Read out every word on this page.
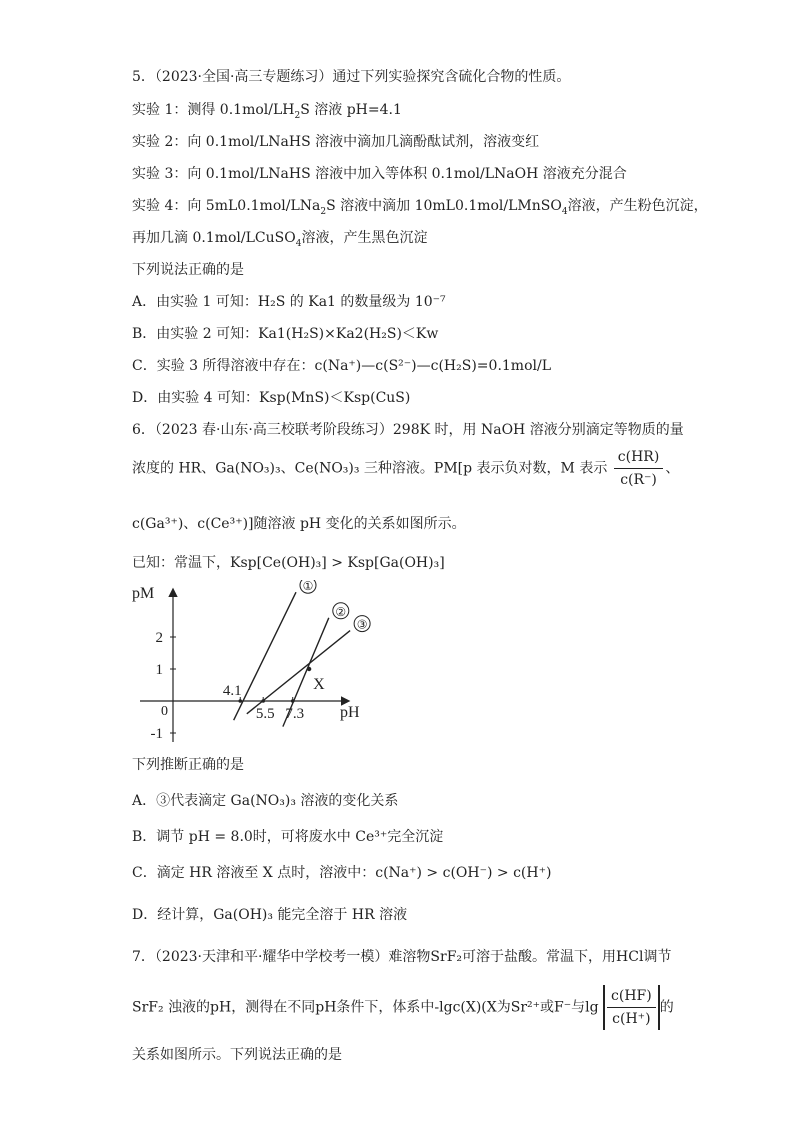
5．（2023·全国·高三专题练习）通过下列实验探究含硫化合物的性质。
实验 1：测得 $0.1mol/LH_2S$ 溶液 pH=4.1
实验 2：向 0.1mol/LNaHS 溶液中滴加几滴酚酞试剂，溶液变红
实验 3：向 0.1mol/LNaHS 溶液中加入等体积 0.1mol/LNaOH 溶液充分混合
实验 4：向 5mL0.1mol/LNa$_2$S 溶液中滴加 10mL0.1mol/LMnSO$_4$溶液，产生粉色沉淀，
再加几滴 0.1mol/LCuSO$_4$溶液，产生黑色沉淀
下列说法正确的是
A．由实验 1 可知：H₂S 的 Ka1 的数量级为 10⁻⁷
B．由实验 2 可知：Ka1(H₂S)×Ka2(H₂S)＜Kw
C．实验 3 所得溶液中存在：c(Na⁺)—c(S²⁻)—c(H₂S)=0.1mol/L
D．由实验 4 可知：Ksp(MnS)＜Ksp(CuS)
6．（2023 春·山东·高三校联考阶段练习）298K 时，用 NaOH 溶液分别滴定等物质的量
浓度的 HR、Ga(NO₃)₃、Ce(NO₃)₃ 三种溶液。PM[p 表示负对数，M 表示 $\frac{c(HR)}{c(R^-)}$ 、
c(Ga³⁺)、c(Ce³⁺)]随溶液 pH 变化的关系如图所示。
已知：常温下，Ksp[Ce(OH)₃] > Ksp[Ga(OH)₃]
pM
pH
0
2
1
-1
①
②
③
4.1
5.5 7.3
X
下列推断正确的是
A．③代表滴定 Ga(NO₃)₃ 溶液的变化关系
B．调节 pH = 8.0时，可将废水中 Ce³⁺完全沉淀
C．滴定 HR 溶液至 X 点时，溶液中：c(Na⁺) > c(OH⁻) > c(H⁺)
D．经计算，Ga(OH)₃ 能完全溶于 HR 溶液
7．（2023·天津和平·耀华中学校考一模）难溶物SrF₂可溶于盐酸。常温下，用HCl调节
SrF₂ 浊液的pH，测得在不同pH条件下，体系中-lgc(X)(X为Sr²⁺或F⁻与$\lg \frac{c(HF)}{c(H^+)}$ 的
关系如图所示。下列说法正确的是
